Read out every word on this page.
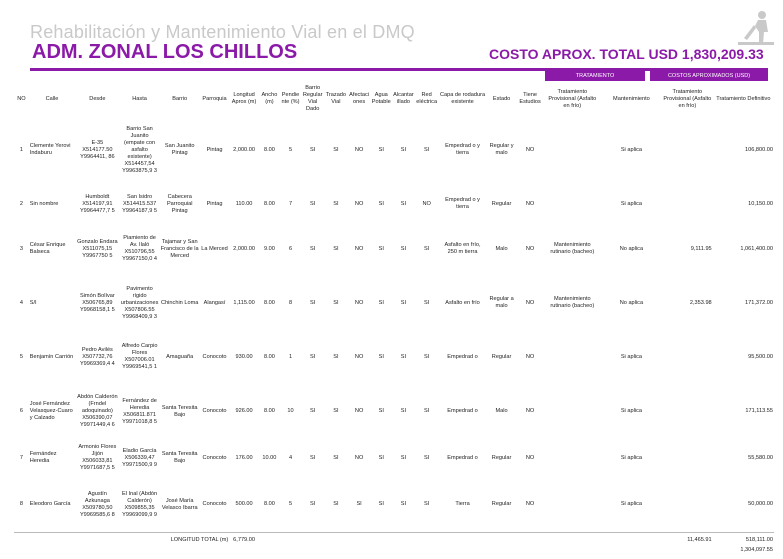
Rehabilitación y Mantenimiento Vial en el DMQ
ADM. ZONAL LOS CHILLOS	COSTO APROX. TOTAL USD 1,830,209.33
TRATAMIENTO	COSTOS APROXIMADOS (USD)
NO	Calle	Desde	Hasta	Barrio	Parroquia	Longitud Aprox (m)	Ancho (m)	Pendiente (%)	Barrio Regular Vial Dado	Trazado Vial	Afectaciones	Agua Potable	Alcantarillado	Red eléctrica	Capa de rodadura existente	Estado	Tiene Estudios	Tratamiento Provisional (Asfalto en frío)	Mantenimiento	Tratamiento Provisional (Asfalto en frío)	Tratamiento Definitivo
1	Clemente Yerovi Indaburu	E-35 X514177.50 Y9964411, 86	Barrio San Juanito (empate con asfalto existente) X514457,54 Y9963875,9 3	San Juanito Pintag	Pintag	2,000.00	8.00	5	SI	SI	NO	SI	SI	SI	Empedrad o y tierra	Regular y malo	NO		Si aplica		106,800.00
2	Sin nombre	Humboldt X514197,91 Y9964477,7 5	San Isidro X514415.537 Y9964187,9 5	Cabecera Parroquial Pintag	Pintag	110.00	8.00	7	SI	SI	NO	SI	SI	NO	Empedrad o y tierra	Regular	NO		Si aplica		10,150.00
3	César Enrique Balseca	Gonzalo Endara X511075,15 Y9967750 5	Piamiento de Av. Ilaló X510796,55 Y9967150,0 4	Tajamar y San Francisco de la Merced	La Merced	2,000.00	9.00	6	SI	SI	NO	SI	SI	SI	Asfalto en frío, 250 m tierra	Malo	NO	Mantenimiento rutinario (bacheo)	No aplica	9,111.95	1,061,400.00
4	S/I	Simón Bolívar X506765,89 Y9968158,1 5	Pavimento rígido urbanizaciones X507806.55 Y9968409,9 3	Chinchin Loma	Alangasí	1,115.00	8.00	8	SI	SI	NO	SI	SI	SI	Asfalto en frío	Regular a malo	NO	Mantenimiento rutinario (bacheo)	No aplica	2,353.98	171,372.00
5	Benjamín Carrión	Pedro Avilés X507732,76 Y9969369,4 4	Alfredo Carpio Flores X507006.01 Y9969541,5 1	Amaguaña	Conocoto	930.00	8.00	1	SI	SI	NO	SI	SI	SI	Empedrad o	Regular	NO		Si aplica		95,500.00
6	José Fernández Velasquez-Cuaro y Calzado	Abdón Calderón (Frndel adoquinado) X506390,07 Y9971449,4 6	Fernández de Heredia X506811.871 Y9971018,8 5	Santa Teresita Bajo	Conocoto	926.00	8.00	10	SI	SI	NO	SI	SI	SI	Empedrad o	Malo	NO		Si aplica		171,113.55
7	Fernández Heredia	Armonio Flores Jijón X506033,81 Y9971687,5 5	Eladio García X506339,47 Y9971500,9 9	Santa Teresita Bajo	Conocoto	176.00	10.00	4	SI	SI	NO	SI	SI	SI	Empedrad o	Regular	NO		Si aplica		55,580.00
8	Eleodoro García	Agustín Azkunaga X509780,50 Y9969585,6 8	El Inal (Abdón Calderón) X509855,35 Y9969099,9 9	José María Velasco Ibarra	Conocoto	500.00	8.00	5	SI	SI	SI	SI	SI	SI	Tierra	Regular	NO		Si aplica		50,000.00
LONGITUD TOTAL (m)						6,779.00														11,465.91	518,111.00
																					1,304,097.55
